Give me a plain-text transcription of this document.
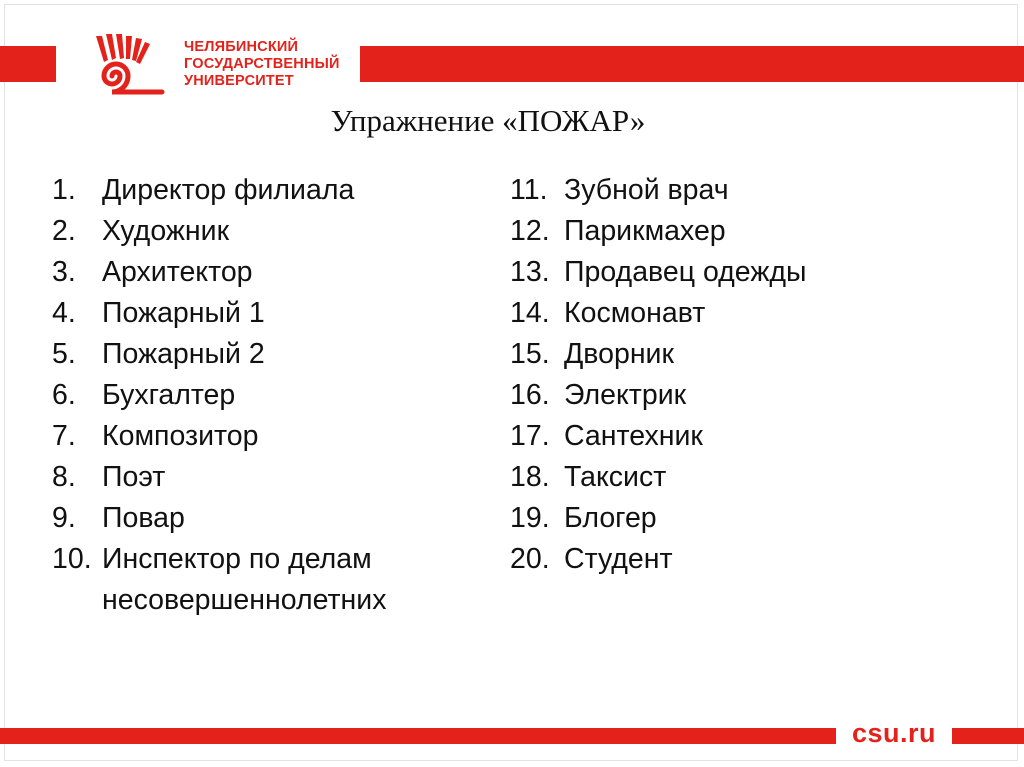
ЧЕЛЯБИНСКИЙ
ГОСУДАРСТВЕННЫЙ
УНИВЕРСИТЕТ
Упражнение «ПОЖАР»
1. Директор филиала
2. Художник
3. Архитектор
4. Пожарный 1
5. Пожарный 2
6. Бухгалтер
7. Композитор
8. Поэт
9. Повар
10. Инспектор по делам
несовершеннолетних
11. Зубной врач
12. Парикмахер
13. Продавец одежды
14. Космонавт
15. Дворник
16. Электрик
17. Сантехник
18. Таксист
19. Блогер
20. Студент
csu.ru
